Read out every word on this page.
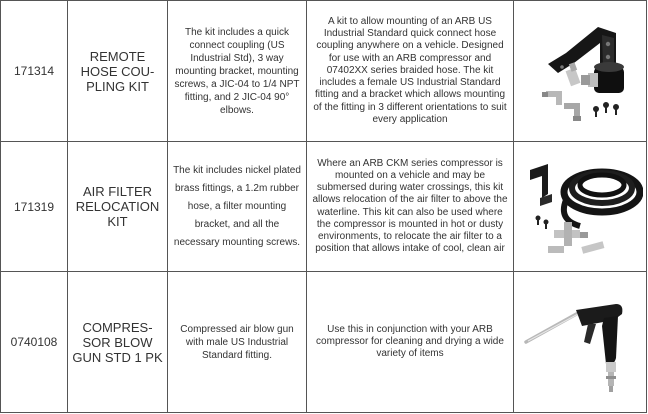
171314	REMOTE HOSE COU-PLING KIT	The kit includes a quick connect coupling (US Industrial Std), 3 way mounting bracket, mounting screws, a JIC-04 to 1/4 NPT fitting, and 2 JIC-04 90° elbows.	A kit to allow mounting of an ARB US Industrial Standard quick connect hose coupling anywhere on a vehicle. Designed for use with an ARB compressor and 07402XX series braided hose. The kit includes a female US Industrial Standard fitting and a bracket which allows mounting of the fitting in 3 different orientations to suit every application	

171319	AIR FILTER RELOCATION KIT	The kit includes nickel plated brass fittings, a 1.2m rubber hose, a filter mounting bracket, and all the necessary mounting screws.	Where an ARB CKM series compressor is mounted on a vehicle and may be submersed during water crossings, this kit allows relocation of the air filter to above the waterline. This kit can also be used where the compressor is mounted in hot or dusty environments, to relocate the air filter to a position that allows intake of cool, clean air	

0740108	COMPRES-SOR BLOW GUN STD 1 PK	Compressed air blow gun with male US Industrial Standard fitting.	Use this in conjunction with your ARB compressor for cleaning and drying a wide variety of items	
